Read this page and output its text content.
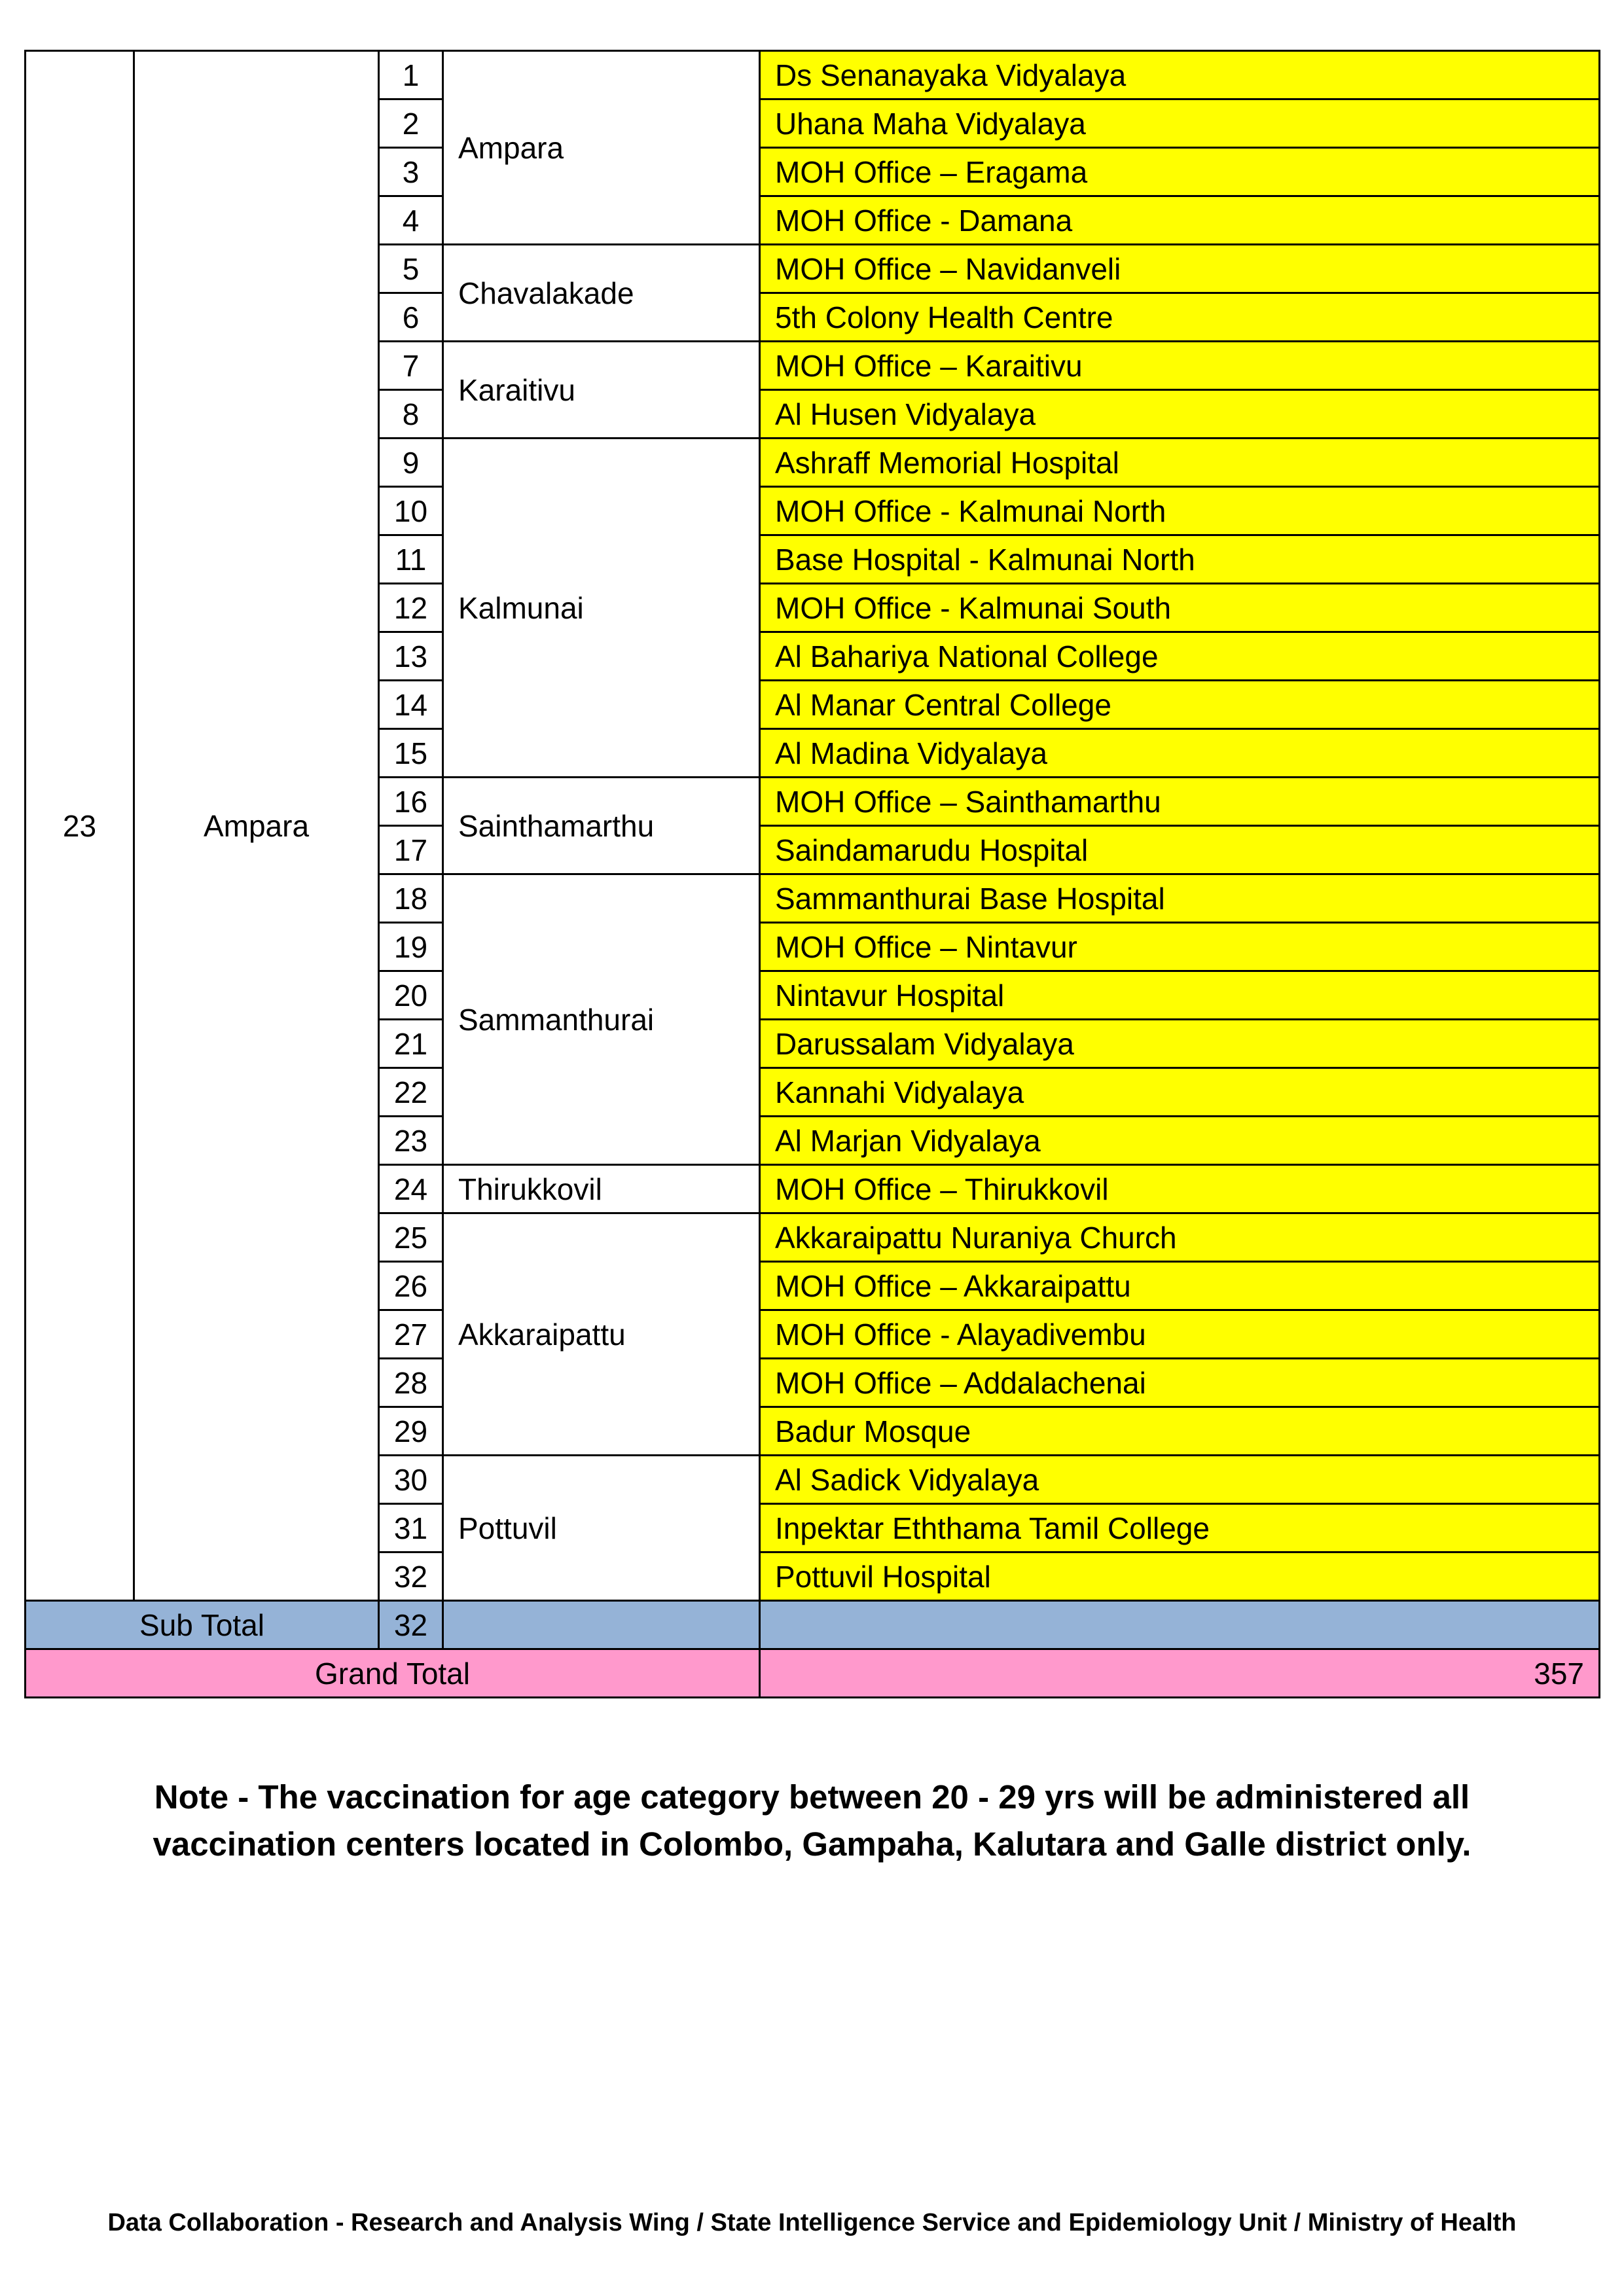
23	Ampara	1	Ampara	Ds Senanayaka Vidyalaya
		2		Uhana Maha Vidyalaya
		3		MOH Office – Eragama
		4		MOH Office - Damana
		5	Chavalakade	MOH Office – Navidanveli
		6		5th Colony Health Centre
		7	Karaitivu	MOH Office – Karaitivu
		8		Al Husen Vidyalaya
		9	Kalmunai	Ashraff Memorial Hospital
		10		MOH Office - Kalmunai North
		11		Base Hospital - Kalmunai North
		12		MOH Office - Kalmunai South
		13		Al Bahariya National College
		14		Al Manar Central College
		15		Al Madina Vidyalaya
		16	Sainthamarthu	MOH Office – Sainthamarthu
		17		Saindamarudu Hospital
		18	Sammanthurai	Sammanthurai Base Hospital
		19		MOH Office – Nintavur
		20		Nintavur Hospital
		21		Darussalam Vidyalaya
		22		Kannahi Vidyalaya
		23		Al Marjan Vidyalaya
		24	Thirukkovil	MOH Office – Thirukkovil
		25	Akkaraipattu	Akkaraipattu Nuraniya Church
		26		MOH Office – Akkaraipattu
		27		MOH Office - Alayadivembu
		28		MOH Office – Addalachenai
		29		Badur Mosque
		30	Pottuvil	Al Sadick Vidyalaya
		31		Inpektar Eththama Tamil College
		32		Pottuvil Hospital
Sub Total		32		
Grand Total				357
Note - The vaccination for age category between 20 - 29 yrs will be administered all
vaccination centers located in Colombo, Gampaha, Kalutara and Galle district only.
Data Collaboration - Research and Analysis Wing / State Intelligence Service and Epidemiology Unit / Ministry of Health
